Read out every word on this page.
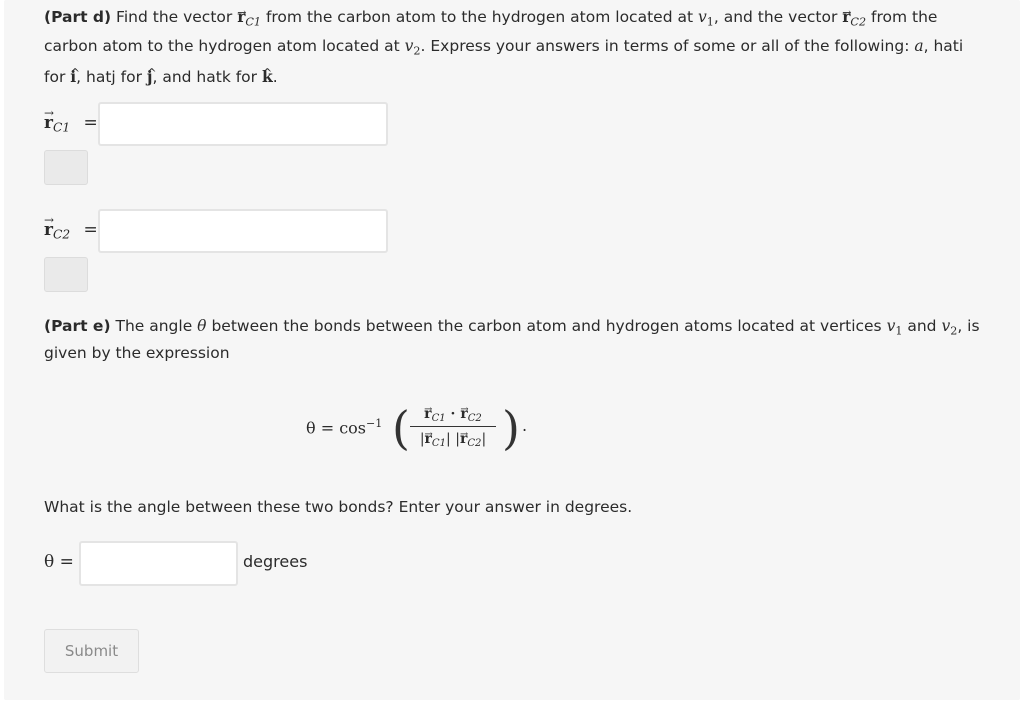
(Part d) Find the vector → $r_{C1}$ from the carbon atom to the hydrogen atom located at $v_1$, and the vector → $r_{C2}$ from the carbon atom to the hydrogen atom located at $v_2$. Express your answers in terms of some or all of the following: a, hati for ^ i, hatj for ^ j, and hatk for ^ k.
→ $r_{C1}$ =
→ $r_{C2}$ =
(Part e) The angle θ between the bonds between the carbon atom and hydrogen atoms located at vertices $v_1$ and $v_2$, is given by the expression
$\theta = \cos^{-1}$ (
→	$r_{C1}$ · → $r_{C2}$
|→ $r_{C1}|$ |→ $r_{C2}|$ ) .
What is the angle between these two bonds? Enter your answer in degrees.
θ =	degrees
Submit
